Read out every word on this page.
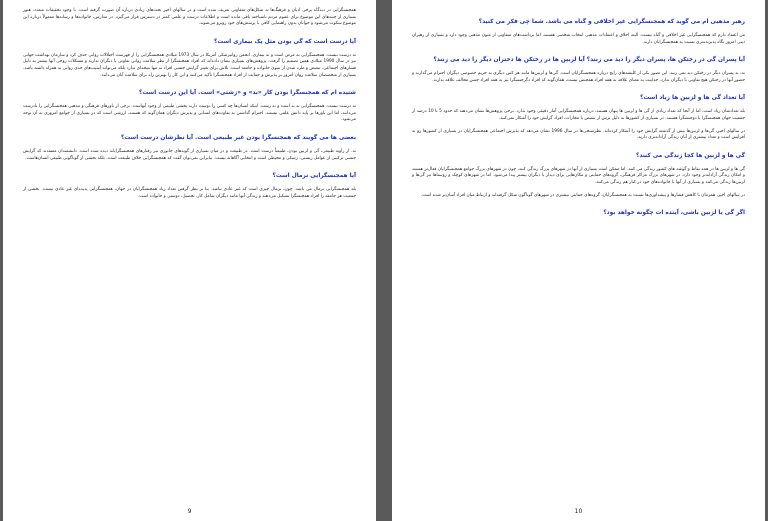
همجنسگرایی در دیدگاه برخی ادیان و فرهنگ‌ها به شکل‌های متفاوتی تعریف شده است و در سالهای اخیر بحث‌های زیادی درباره آن صورت گرفته است. با وجود تحقیقات متعدد، هنوز بسیاری از جنبه‌های این موضوع برای عموم مردم ناشناخته باقی مانده است و اطلاعات درست و علمی کمتر در دسترس قرار می‌گیرد. در مدارس، خانواده‌ها و رسانه‌ها معمولاً درباره این موضوع سکوت می‌شود و جوانان بدون راهنمایی کافی با پرسش‌های خود روبرو می‌شوند.
آیا درست است که گی بودن مثل یک بیماری است؟
نه درست نیست. همجنسگرایی نه مرض است و نه بیماری. انجمن روانپزشکی آمریکا در سال 1973 میلادی همجنسگرایی را از فهرست اختلالات روانی حذف کرد و سازمان بهداشت جهانی نیز در سال 1990 میلادی همین تصمیم را گرفت. پژوهش‌های بسیاری نشان داده‌اند که افراد همجنسگرا از نظر سلامت روانی تفاوتی با دیگران ندارند و مشکلات روحی آنها بیشتر به دلیل فشارهای اجتماعی، تبعیض و طرد شدن از سوی خانواده و جامعه است. تلاش برای تغییر گرایش جنسی افراد نه تنها نتیجه‌ای ندارد بلکه می‌تواند آسیب‌های جدی روانی به همراه داشته باشد. بسیاری از متخصصان سلامت روان امروز بر پذیرش و حمایت از افراد همجنسگرا تأکید می‌کنند و این کار را بهترین راه برای سلامت آنان می‌دانند.
شنیده ام که همجنسگرا بودن کار «بد» و «زشتی» است. آیا این درست است؟
نه درست نیست. همجنسگرایی نه بد است و نه زشت. اینکه انسان‌ها چه کسی را دوست دارند بخشی طبیعی از وجود آنهاست. برخی از باورهای فرهنگی و مذهبی همجنسگرایی را نادرست می‌دانند، اما این باورها بر پایه دانش علمی نیستند. احترام گذاشتن به تفاوت‌های انسانی و پذیرش دیگران همان‌گونه که هستند، ارزشی است که در بسیاری از جوامع امروزی به آن توجه می‌شود.
بعضی ها می گویند که همجنسگرا بودن غیر طبیعی است. آیا نظرشان درست است؟
نه. از زاویه طبیعی، گی و لزبین بودن، طبیعتاً درست است. در طبیعت و در میان بسیاری از گونه‌های جانوری نیز رفتارهای همجنسگرایانه دیده شده است. دانشمندان معتقدند که گرایش جنسی ترکیبی از عوامل زیستی، ژنتیکی و محیطی است و انتخابی آگاهانه نیست. بنابراین نمی‌توان گفت که همجنسگرایی خلاف طبیعت است، بلکه بخشی از گوناگونی طبیعی انسان‌هاست.
آیا همجنسگرایی نرمال است؟
بله همجنسگرایی نرمال می باشد. چون، نرمال چیزی است که غیر عادی نباشد. بنا بر نظر گرفتن تعداد زیاد همجنسگرایان در جهان، همجنسگرایی پدیده‌ای غیر عادی نیست. بخشی از جمعیت هر جامعه را افراد همجنسگرا تشکیل می‌دهند و زندگی آنها مانند دیگران شامل کار، تحصیل، دوستی و خانواده است.
9
رهبر مذهبی ام می گوید که همجنسگرایی غیر اخلاقی و گناه می باشد. شما چی فکر می کنید؟
من اعتقاد دارم که همجنسگرایی غیر اخلاقی و گناه نیست. البته اخلاق و اعتقادات مذهبی انتخاب شخصی هستند، اما برداشت‌های متفاوتی از متون مذهبی وجود دارد و بسیاری از رهبران دینی امروز نگاه پذیرنده‌تری نسبت به همجنسگرایان دارند.
آیا پسران گی در رختکن ها، پسران دیگر را دید می زنند؟ آیا لزبین ها در رختکن ها دختران دیگر را دید می زنند؟
نه، به پسران دیگر در رختکن دید نمی زنند. این تصور یکی از کلیشه‌های رایج درباره همجنسگرایان است. گی‌ها و لزبین‌ها مانند هر کس دیگری به حریم خصوصی دیگران احترام می‌گذارند و حضور آنها در رختکن هیچ تفاوتی با دیگران ندارد. جذابیت به معنای علاقه به همه افراد همجنس نیست، همان‌گونه که افراد دگرجنسگرا نیز به همه افراد جنس مخالف علاقه ندارند.
آیا تعداد گی ها و لزبین ها زیاد است؟
بله تعدادشان زیاد است. اما از آنجا که تعداد زیادی از گی ها و لزبین ها پنهان هستند، درباره همجنسگرایی آمار دقیقی وجود ندارد. برخی پژوهش‌ها نشان می‌دهند که حدود 5 تا 10 درصد از جمعیت جهان همجنسگرا یا دوجنسگرا هستند. در بسیاری از کشورها به دلیل ترس از تبعیض یا مجازات، افراد گرایش خود را آشکار نمی‌کنند.
در سالهای اخیر، گی‌ها و لزبین‌ها بیش از گذشته گرایش خود را آشکار کرده‌اند. نظرسنجی‌ها در سال 1996 نشان می‌دهد که پذیرش اجتماعی همجنسگرایان در بسیاری از کشورها رو به افزایش است و تعداد بیشتری از آنان زندگی آزادانه‌تری دارند.
گی ها و لزبین ها کجا زندگی می کنند؟
گی ها و لزبین ها در همه نقاط و گوشه های کشور زندگی می کنند. اما ممکن است بسیاری از آنها در شهرهای بزرگ زندگی کنند، چون در شهرهای بزرگ جوامع همجنسگرایان فعال‌تر هستند و امکان زندگی آزادانه‌تر وجود دارد. در شهرهای بزرگ مراکز فرهنگی، گروه‌های حمایتی و مکان‌هایی برای دیدار با دیگران بیشتر پیدا می‌شود. اما در شهرهای کوچک و روستاها نیز گی‌ها و لزبین‌ها زندگی می‌کنند و بسیاری از آنها با خانواده‌های خود در کنار هم زندگی می‌کنند.
در سالهای اخیر، همزمان با کاهش فشارها و پیشداوری‌ها نسبت به همجنسگرایان، گروه‌های حمایتی بیشتری در شهرهای گوناگون شکل گرفته‌اند و ارتباط میان افراد آسان‌تر شده است.
اگر گی یا لزبین باشی، آینده ات چگونه خواهد بود؟
10
